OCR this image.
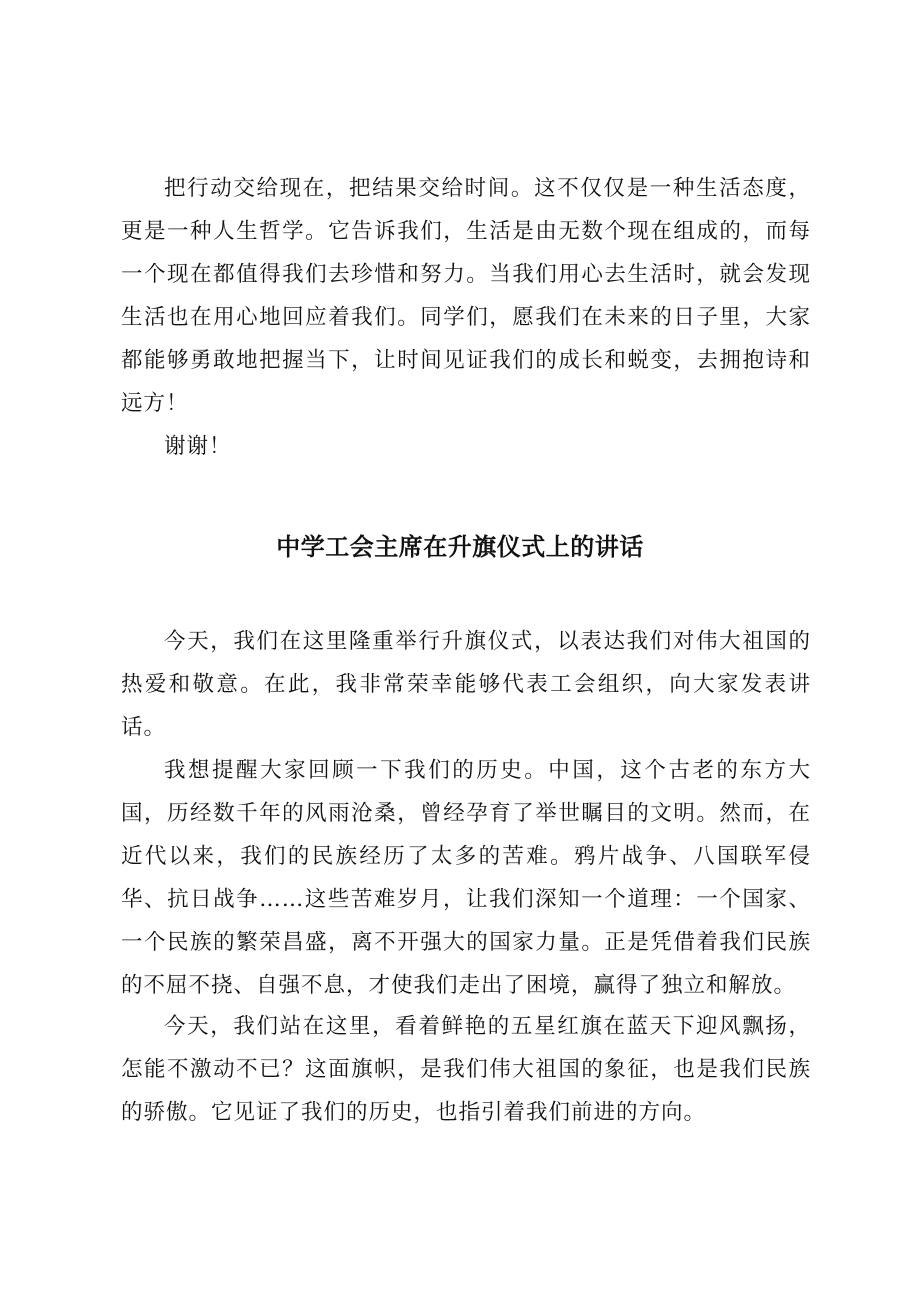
把行动交给现在，把结果交给时间。这不仅仅是一种生活态度，更是一种人生哲学。它告诉我们，生活是由无数个现在组成的，而每一个现在都值得我们去珍惜和努力。当我们用心去生活时，就会发现生活也在用心地回应着我们。同学们，愿我们在未来的日子里，大家都能够勇敢地把握当下，让时间见证我们的成长和蜕变，去拥抱诗和远方！

谢谢！

中学工会主席在升旗仪式上的讲话

今天，我们在这里隆重举行升旗仪式，以表达我们对伟大祖国的热爱和敬意。在此，我非常荣幸能够代表工会组织，向大家发表讲话。

我想提醒大家回顾一下我们的历史。中国，这个古老的东方大国，历经数千年的风雨沧桑，曾经孕育了举世瞩目的文明。然而，在近代以来，我们的民族经历了太多的苦难。鸦片战争、八国联军侵华、抗日战争……这些苦难岁月，让我们深知一个道理：一个国家、一个民族的繁荣昌盛，离不开强大的国家力量。正是凭借着我们民族的不屈不挠、自强不息，才使我们走出了困境，赢得了独立和解放。

今天，我们站在这里，看着鲜艳的五星红旗在蓝天下迎风飘扬，怎能不激动不已？这面旗帜，是我们伟大祖国的象征，也是我们民族的骄傲。它见证了我们的历史，也指引着我们前进的方向。
